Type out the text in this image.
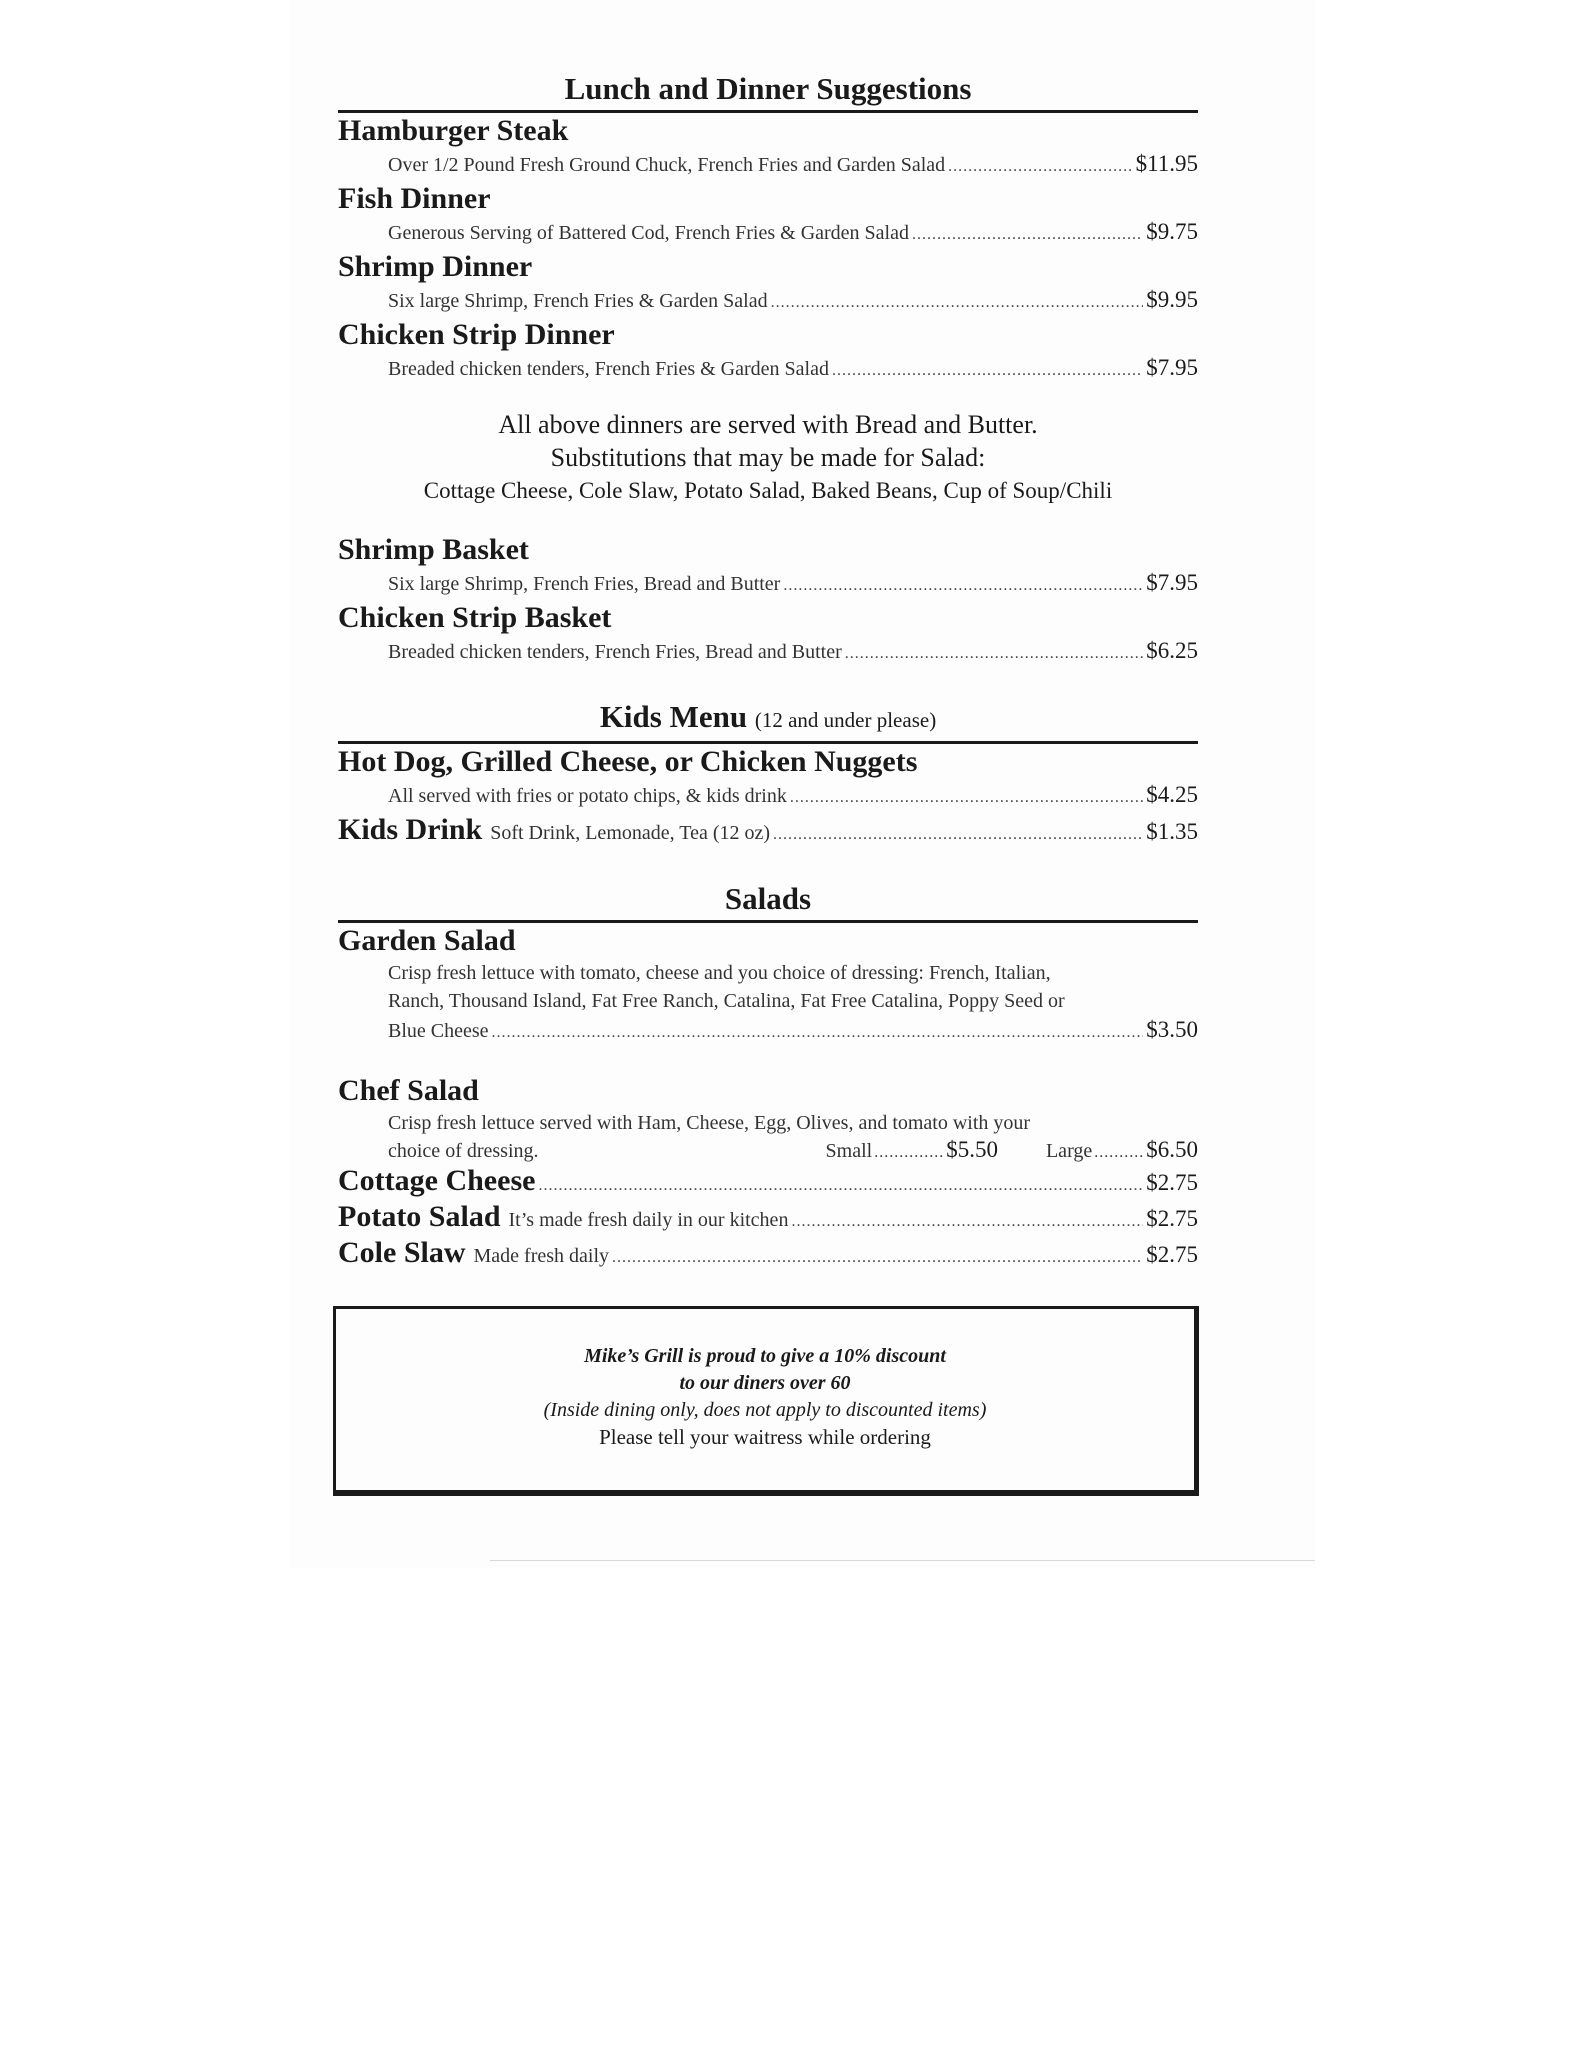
Lunch and Dinner Suggestions
Hamburger Steak
Over 1/2 Pound Fresh Ground Chuck, French Fries and Garden Salad .....	$11.95
Fish Dinner
Generous Serving of Battered Cod, French Fries & Garden Salad .....	$9.75
Shrimp Dinner
Six large Shrimp, French Fries & Garden Salad .....	$9.95
Chicken Strip Dinner
Breaded chicken tenders, French Fries & Garden Salad .....	$7.95
All above dinners are served with Bread and Butter.
Substitutions that may be made for Salad:
Cottage Cheese, Cole Slaw, Potato Salad, Baked Beans, Cup of Soup/Chili
Shrimp Basket
Six large Shrimp, French Fries, Bread and Butter .....	$7.95
Chicken Strip Basket
Breaded chicken tenders, French Fries, Bread and Butter .....	$6.25
Kids Menu (12 and under please)
Hot Dog, Grilled Cheese, or Chicken Nuggets
All served with fries or potato chips, & kids drink .....	$4.25
Kids Drink Soft Drink, Lemonade, Tea (12 oz) .....	$1.35
Salads
Garden Salad
Crisp fresh lettuce with tomato, cheese and you choice of dressing: French, Italian,
Ranch, Thousand Island, Fat Free Ranch, Catalina, Fat Free Catalina, Poppy Seed or
Blue Cheese .....	$3.50
Chef Salad
Crisp fresh lettuce served with Ham, Cheese, Egg, Olives, and tomato with your
choice of dressing.	Small .....	$5.50 Large ..... $6.50
Cottage Cheese .....	$2.75
Potato Salad It’s made fresh daily in our kitchen .....	$2.75
Cole Slaw Made fresh daily .....	$2.75
Mike’s Grill is proud to give a 10% discount
to our diners over 60
(Inside dining only, does not apply to discounted items)
Please tell your waitress while ordering
